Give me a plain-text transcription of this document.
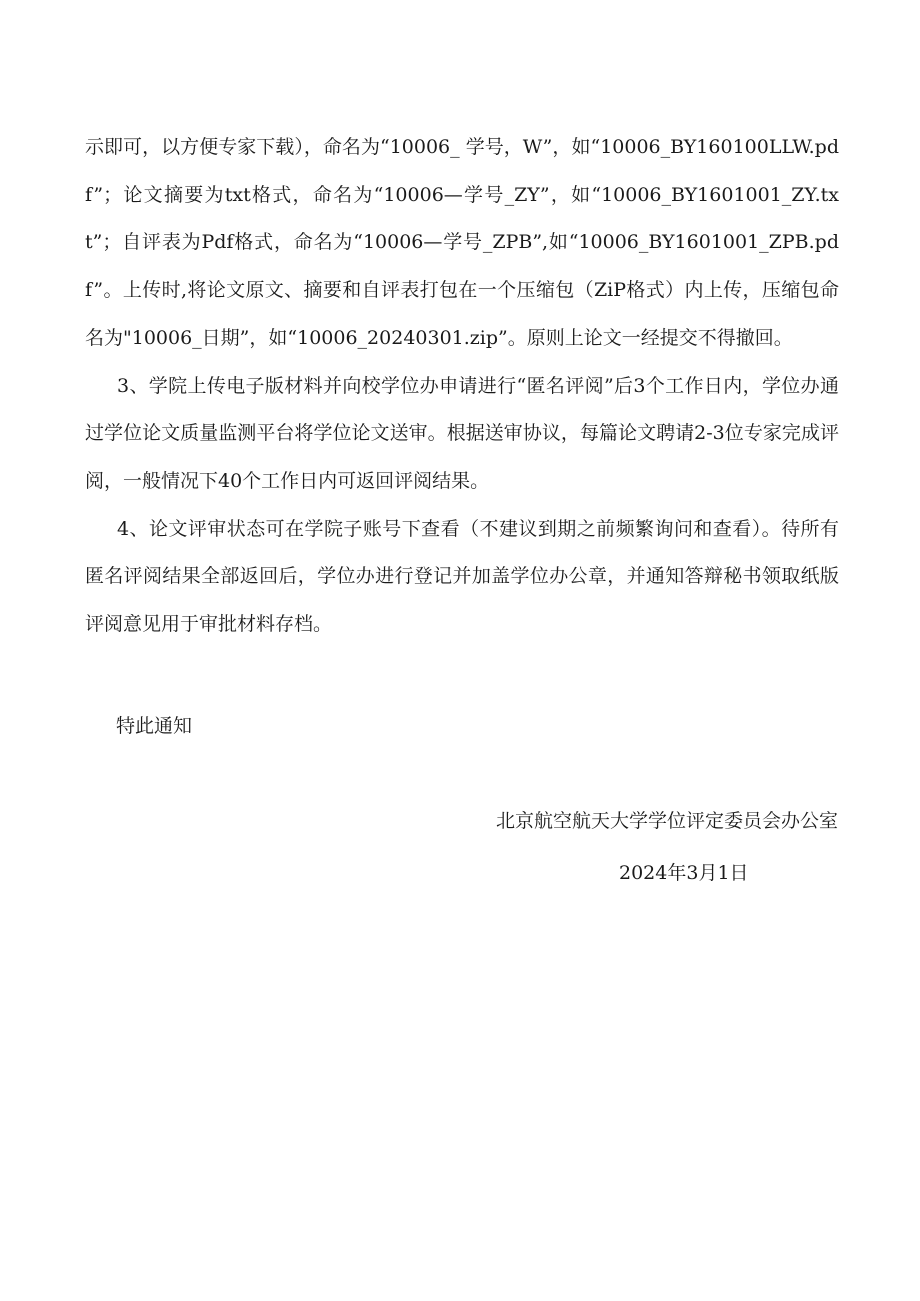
示即可，以方便专家下载），命名为“10006_ 学号，W”，如“10006_BY160100LLW.pdf”；论文摘要为txt格式，命名为“10006—学号_ZY”，如“10006_BY1601001_ZY.txt”；自评表为Pdf格式，命名为“10006—学号_ZPB”,如“10006_BY1601001_ZPB.pdf”。上传时,将论文原文、摘要和自评表打包在一个压缩包（ZiP格式）内上传，压缩包命名为"10006_日期”，如“10006_20240301.zip”。原则上论文一经提交不得撤回。

3、学院上传电子版材料并向校学位办申请进行“匿名评阅”后3个工作日内，学位办通过学位论文质量监测平台将学位论文送审。根据送审协议，每篇论文聘请2-3位专家完成评阅，一般情况下40个工作日内可返回评阅结果。

4、论文评审状态可在学院子账号下查看（不建议到期之前频繁询问和查看）。待所有匿名评阅结果全部返回后，学位办进行登记并加盖学位办公章，并通知答辩秘书领取纸版评阅意见用于审批材料存档。

特此通知
北京航空航天大学学位评定委员会办公室
2024年3月1日
